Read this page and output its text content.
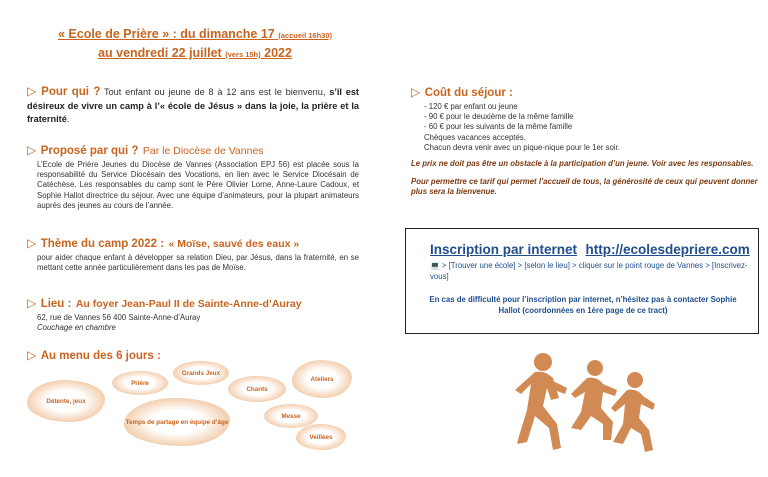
« Ecole de Prière » : du dimanche 17 (accueil 16h30)
au vendredi 22 juillet (vers 15h) 2022
▷ Pour qui ? Tout enfant ou jeune de 8 à 12 ans est le bienvenu, s’il est désireux de vivre un camp à l’« école de Jésus » dans la joie, la prière et la fraternité.
▷ Proposé par qui ? Par le Diocèse de Vannes
L’Ecole de Prière Jeunes du Diocèse de Vannes (Association EPJ 56) est placée sous la responsabilité du Service Diocésain des Vocations, en lien avec le Service Diocésain de Catéchèse. Les responsables du camp sont le Père Olivier Lorne, Anne-Laure Cadoux, et Sophie Hallot directrice du séjour. Avec une équipe d’animateurs, pour la plupart animateurs auprès des jeunes au cours de l’année.
▷ Thème du camp 2022 : « Moïse, sauvé des eaux »
pour aider chaque enfant à développer sa relation Dieu, par Jésus, dans la fraternité, en se mettant cette année particulièrement dans les pas de Moïse.
▷ Lieu : Au foyer Jean-Paul II de Sainte-Anne-d’Auray
62, rue de Vannes 56 400 Sainte-Anne-d’Auray
Couchage en chambre
▷ Au menu des 6 jours :
Détente, jeux
Prière
Grands Jeux
Chants
Ateliers
Temps de partage en équipe d’âge
Messe
Veillées
▷ Coût du séjour :
- 120 € par enfant ou jeune
- 90 € pour le deuxième de la même famille
- 60 € pour les suivants de la même famille
Chèques vacances acceptés.
Chacun devra venir avec un pique-nique pour le 1er soir.
Le prix ne doit pas être un obstacle à la participation d’un jeune. Voir avec les responsables.
Pour permettre ce tarif qui permet l’accueil de tous, la générosité de ceux qui peuvent donner plus sera la bienvenue.
Inscription par internet http://ecolesdepriere.com
💻 > [Trouver une école] > [selon le lieu] > cliquer sur le point rouge de Vannes > [Inscrivez-vous]
En cas de difficulté pour l’inscription par internet, n’hésitez pas à contacter Sophie Hallot (coordonnées en 1ère page de ce tract)
